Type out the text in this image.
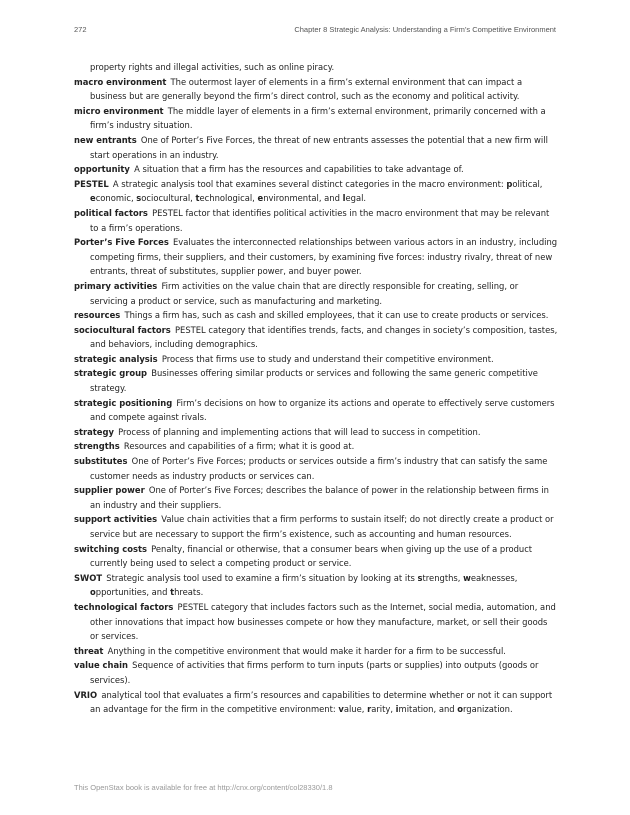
272	Chapter 8 Strategic Analysis: Understanding a Firm’s Competitive Environment

property rights and illegal activities, such as online piracy.

macro environment  The outermost layer of elements in a firm’s external environment that can impact a business but are generally beyond the firm’s direct control, such as the economy and political activity.

micro environment  The middle layer of elements in a firm’s external environment, primarily concerned with a firm’s industry situation.

new entrants  One of Porter’s Five Forces, the threat of new entrants assesses the potential that a new firm will start operations in an industry.

opportunity  A situation that a firm has the resources and capabilities to take advantage of.

PESTEL  A strategic analysis tool that examines several distinct categories in the macro environment: political, economic, sociocultural, technological, environmental, and legal.

political factors  PESTEL factor that identifies political activities in the macro environment that may be relevant to a firm’s operations.

Porter’s Five Forces  Evaluates the interconnected relationships between various actors in an industry, including competing firms, their suppliers, and their customers, by examining five forces: industry rivalry, threat of new entrants, threat of substitutes, supplier power, and buyer power.

primary activities  Firm activities on the value chain that are directly responsible for creating, selling, or servicing a product or service, such as manufacturing and marketing.

resources  Things a firm has, such as cash and skilled employees, that it can use to create products or services.

sociocultural factors  PESTEL category that identifies trends, facts, and changes in society’s composition, tastes, and behaviors, including demographics.

strategic analysis  Process that firms use to study and understand their competitive environment.

strategic group  Businesses offering similar products or services and following the same generic competitive strategy.

strategic positioning  Firm’s decisions on how to organize its actions and operate to effectively serve customers and compete against rivals.

strategy  Process of planning and implementing actions that will lead to success in competition.

strengths  Resources and capabilities of a firm; what it is good at.

substitutes  One of Porter’s Five Forces; products or services outside a firm’s industry that can satisfy the same customer needs as industry products or services can.

supplier power  One of Porter’s Five Forces; describes the balance of power in the relationship between firms in an industry and their suppliers.

support activities  Value chain activities that a firm performs to sustain itself; do not directly create a product or service but are necessary to support the firm’s existence, such as accounting and human resources.

switching costs  Penalty, financial or otherwise, that a consumer bears when giving up the use of a product currently being used to select a competing product or service.

SWOT  Strategic analysis tool used to examine a firm’s situation by looking at its strengths, weaknesses, opportunities, and threats.

technological factors  PESTEL category that includes factors such as the Internet, social media, automation, and other innovations that impact how businesses compete or how they manufacture, market, or sell their goods or services.

threat  Anything in the competitive environment that would make it harder for a firm to be successful.

value chain  Sequence of activities that firms perform to turn inputs (parts or supplies) into outputs (goods or services).

VRIO  analytical tool that evaluates a firm’s resources and capabilities to determine whether or not it can support an advantage for the firm in the competitive environment: value, rarity, imitation, and organization.

This OpenStax book is available for free at http://cnx.org/content/col28330/1.8
